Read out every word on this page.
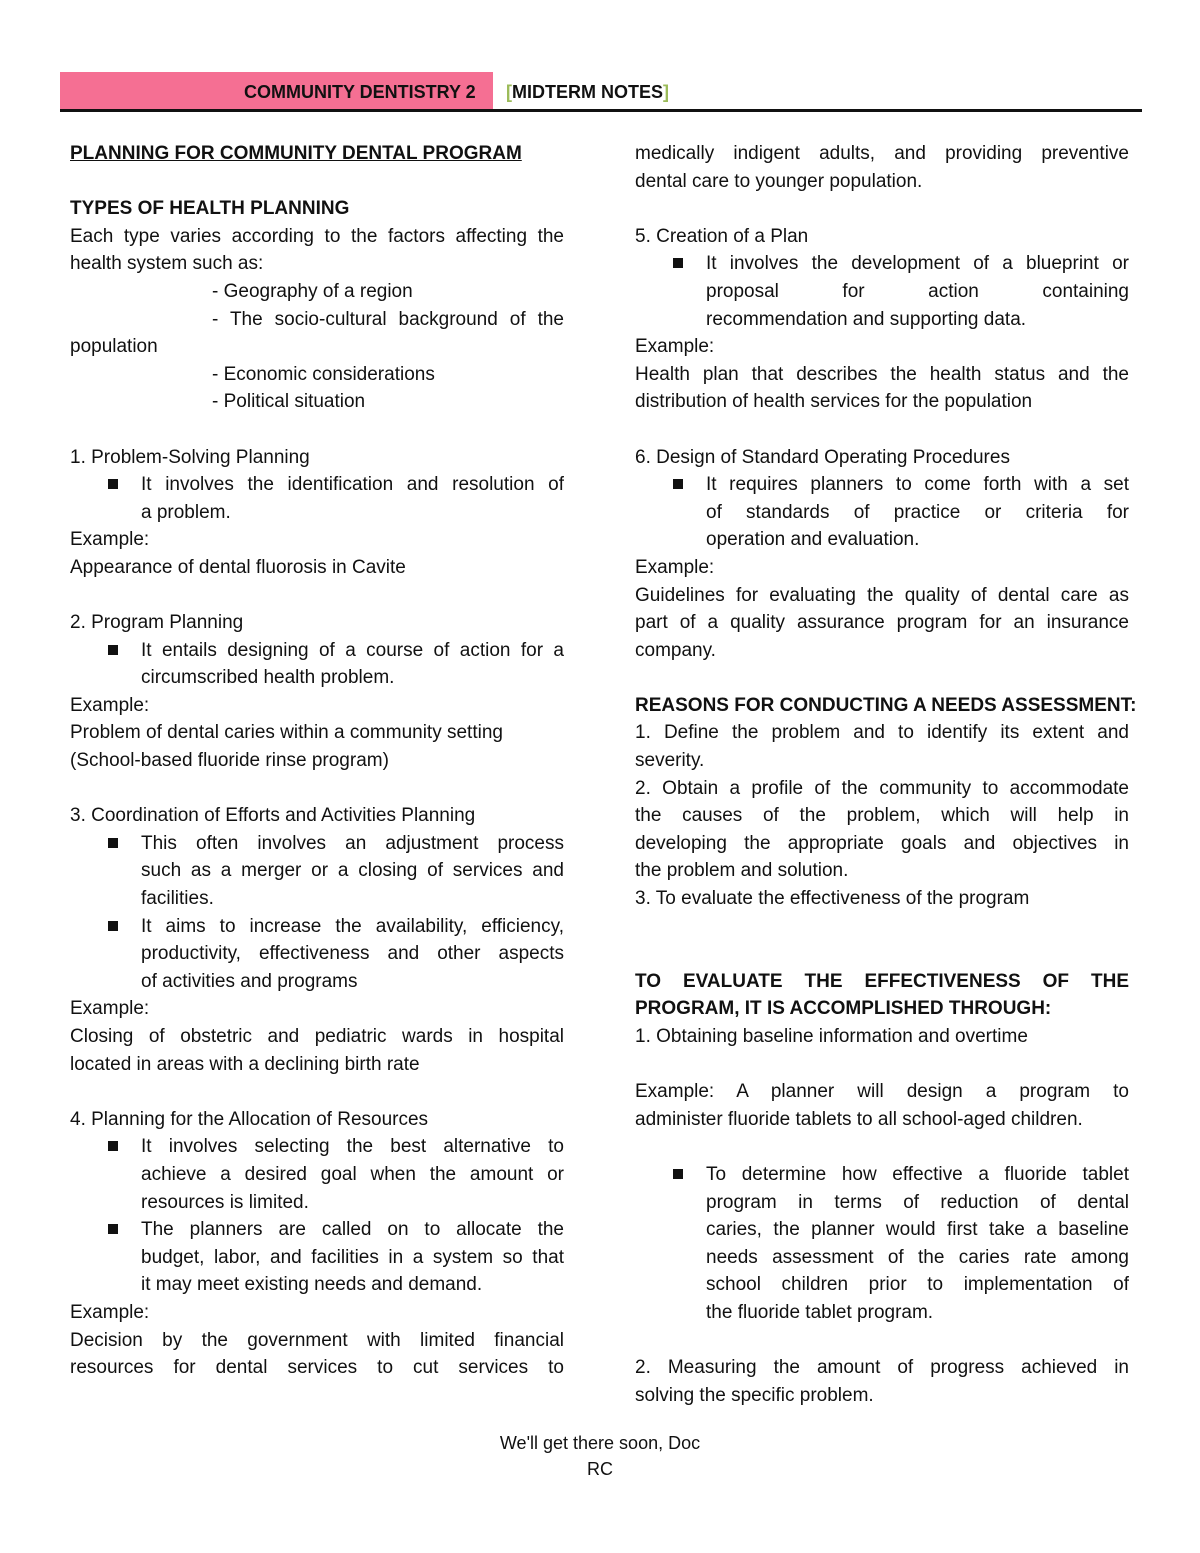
COMMUNITY DENTISTRY 2 [MIDTERM NOTES]
PLANNING FOR COMMUNITY DENTAL PROGRAM
TYPES OF HEALTH PLANNING
Each type varies according to the factors affecting the
health system such as:
- Geography of a region
- The socio-cultural background of the
population
- Economic considerations
- Political situation
1. Problem-Solving Planning
It involves the identification and resolution of
a problem.
Example:
Appearance of dental fluorosis in Cavite
2. Program Planning
It entails designing of a course of action for a
circumscribed health problem.
Example:
Problem of dental caries within a community setting
(School-based fluoride rinse program)
3. Coordination of Efforts and Activities Planning
This often involves an adjustment process
such as a merger or a closing of services and
facilities.
It aims to increase the availability, efficiency,
productivity, effectiveness and other aspects
of activities and programs
Example:
Closing of obstetric and pediatric wards in hospital
located in areas with a declining birth rate
4. Planning for the Allocation of Resources
It involves selecting the best alternative to
achieve a desired goal when the amount or
resources is limited.
The planners are called on to allocate the
budget, labor, and facilities in a system so that
it may meet existing needs and demand.
Example:
Decision by the government with limited financial
resources for dental services to cut services to
medically indigent adults, and providing preventive
dental care to younger population.
5. Creation of a Plan
It involves the development of a blueprint or
proposal for action containing
recommendation and supporting data.
Example:
Health plan that describes the health status and the
distribution of health services for the population
6. Design of Standard Operating Procedures
It requires planners to come forth with a set
of standards of practice or criteria for
operation and evaluation.
Example:
Guidelines for evaluating the quality of dental care as
part of a quality assurance program for an insurance
company.
REASONS FOR CONDUCTING A NEEDS ASSESSMENT:
1. Define the problem and to identify its extent and
severity.
2. Obtain a profile of the community to accommodate
the causes of the problem, which will help in
developing the appropriate goals and objectives in
the problem and solution.
3. To evaluate the effectiveness of the program
TO EVALUATE THE EFFECTIVENESS OF THE
PROGRAM, IT IS ACCOMPLISHED THROUGH:
1. Obtaining baseline information and overtime
Example: A planner will design a program to
administer fluoride tablets to all school-aged children.
To determine how effective a fluoride tablet
program in terms of reduction of dental
caries, the planner would first take a baseline
needs assessment of the caries rate among
school children prior to implementation of
the fluoride tablet program.
2. Measuring the amount of progress achieved in
solving the specific problem.
We'll get there soon, Doc
RC
